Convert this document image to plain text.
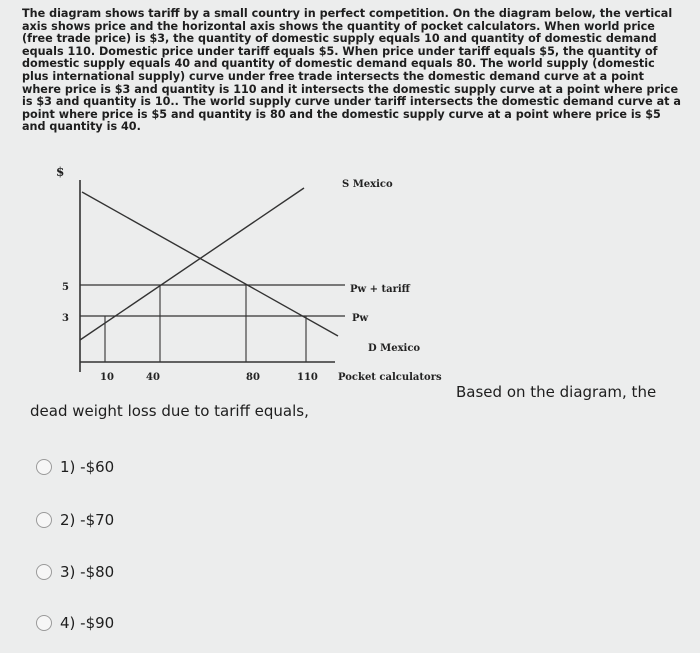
The diagram shows tariff by a small country in perfect competition. On the diagram below, the vertical axis shows price and the horizontal axis shows the quantity of pocket calculators. When world price (free trade price) is $3, the quantity of domestic supply equals 10 and quantity of domestic demand equals 110. Domestic price under tariff equals $5. When price under tariff equals $5, the quantity of domestic supply equals 40 and quantity of domestic demand equals 80. The world supply (domestic plus international supply) curve under free trade intersects the domestic demand curve at a point where price is $3 and quantity is 110 and it intersects the domestic supply curve at a point where price is $3 and quantity is 10.. The world supply curve under tariff intersects the domestic demand curve at a point where price is $5 and quantity is 80 and the domestic supply curve at a point where price is $5 and quantity is 40.
$
5
3
10	40	80	110 Pocket calculators
S Mexico
D Mexico
Pw + tariff
Pw
Based on the diagram, the
dead weight loss due to tariff equals,
1) -$60
2) -$70
3) -$80
4) -$90
